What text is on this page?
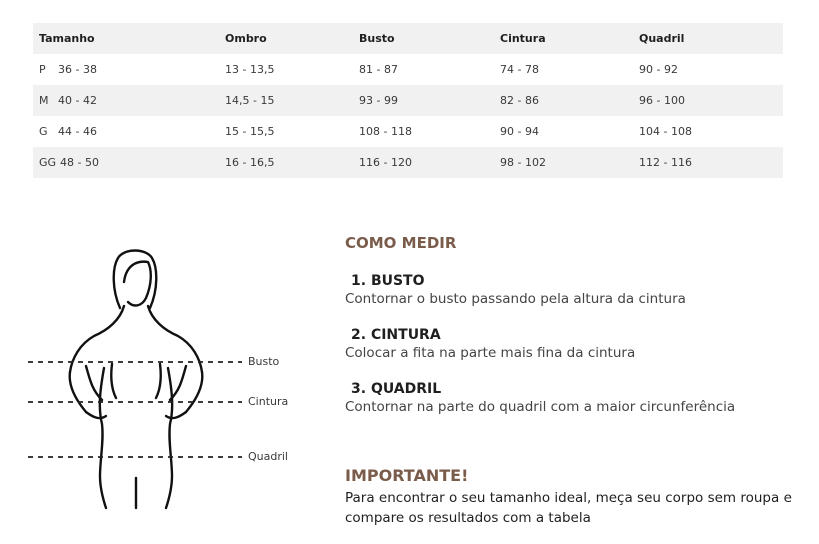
Tamanho	Ombro	Busto	Cintura	Quadril
P 36 - 38	13 - 13,5	81 - 87	74 - 78	90 - 92
M 40 - 42	14,5 - 15	93 - 99	82 - 86	96 - 100
G 44 - 46	15 - 15,5	108 - 118	90 - 94	104 - 108
GG 48 - 50	16 - 16,5	116 - 120	98 - 102	112 - 116
Busto
Cintura
Quadril
COMO MEDIR
1. BUSTO
Contornar o busto passando pela altura da cintura
2. CINTURA
Colocar a fita na parte mais fina da cintura
3. QUADRIL
Contornar na parte do quadril com a maior circunferência
IMPORTANTE!

Para encontrar o seu tamanho ideal, meça seu corpo sem roupa e compare os resultados com a tabela
